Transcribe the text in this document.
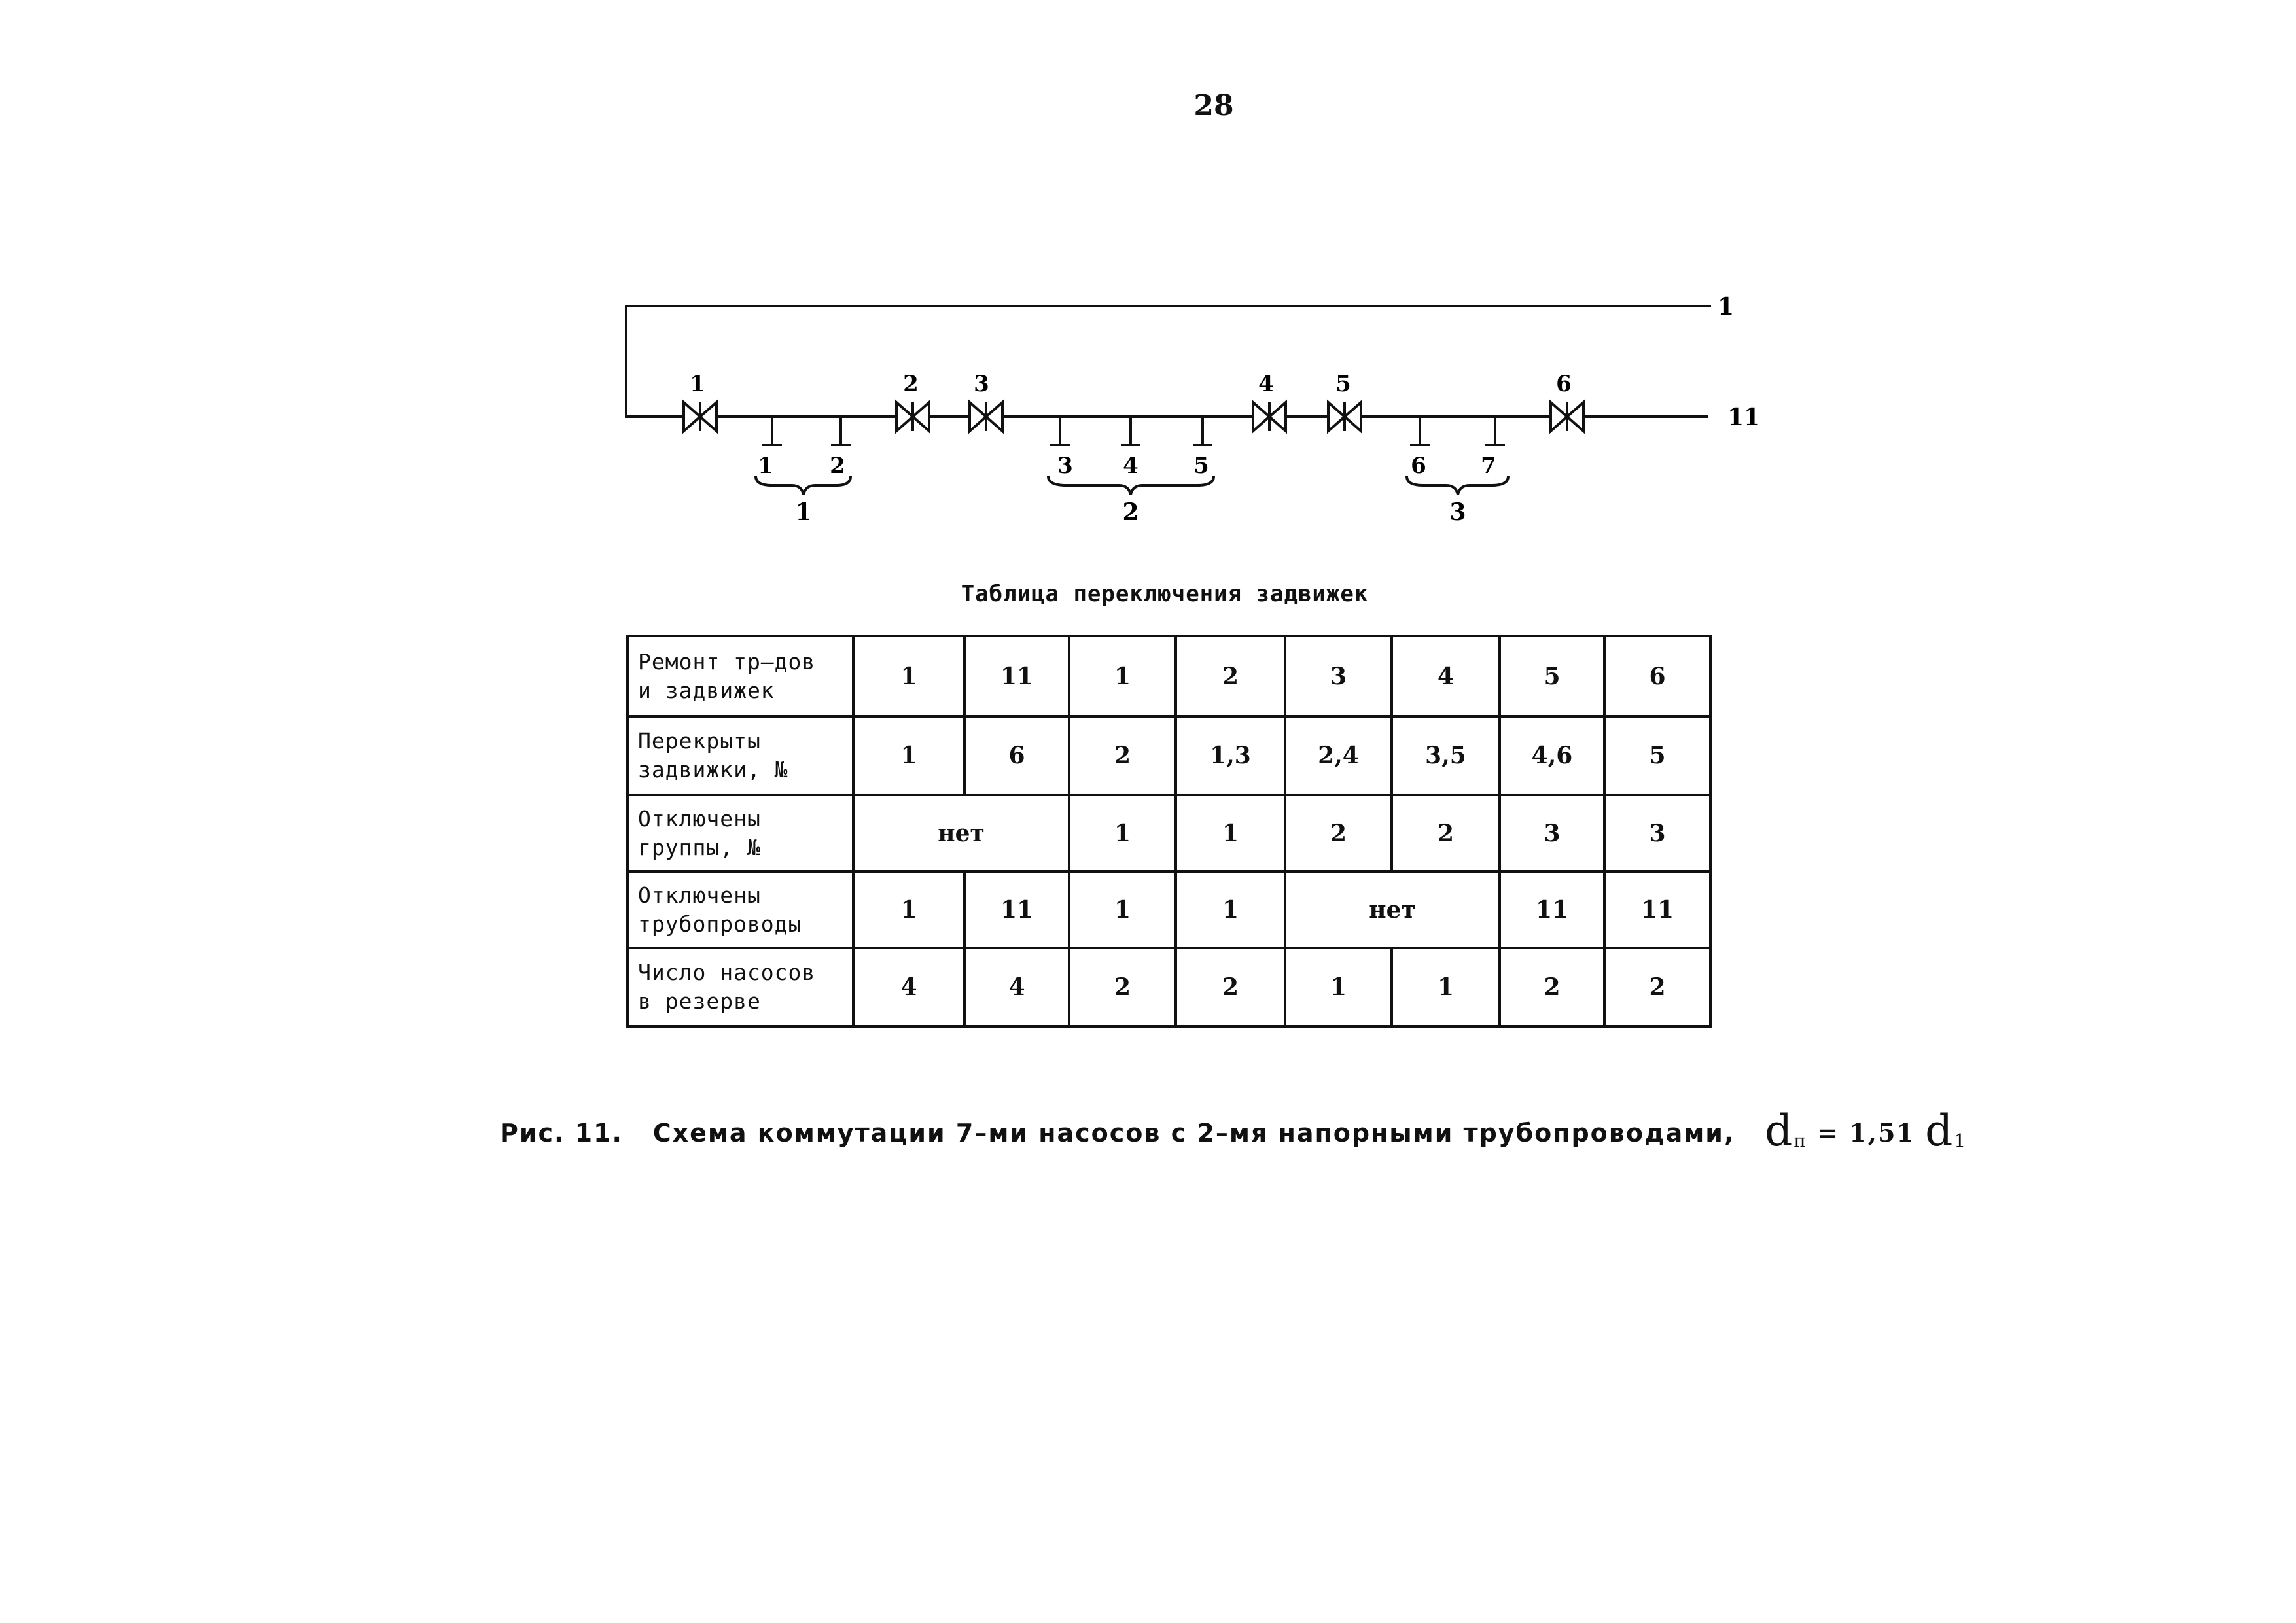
28
1
11
1	2 3	4	5	6
1	2	3 4 5	6 7
1	2	3
Таблица переключения задвижек
Ремонт тр–дов
и задвижек	1	11	1	2	3	4	5	6
Перекрыты
задвижки, №	1	6	2	1,3	2,4	3,5	4,6	5
Отключены
группы, №	нет		1	1	2	2	3	3
Отключены
трубопроводы	1	11	1	1	нет		11	11
Число насосов
в резерве	4	4	2	2	1	1	2	2
Рис. 11. Схема коммутации 7–ми насосов с 2–мя напорными трубопроводами, $d_п = 1,51$ $d_1$
